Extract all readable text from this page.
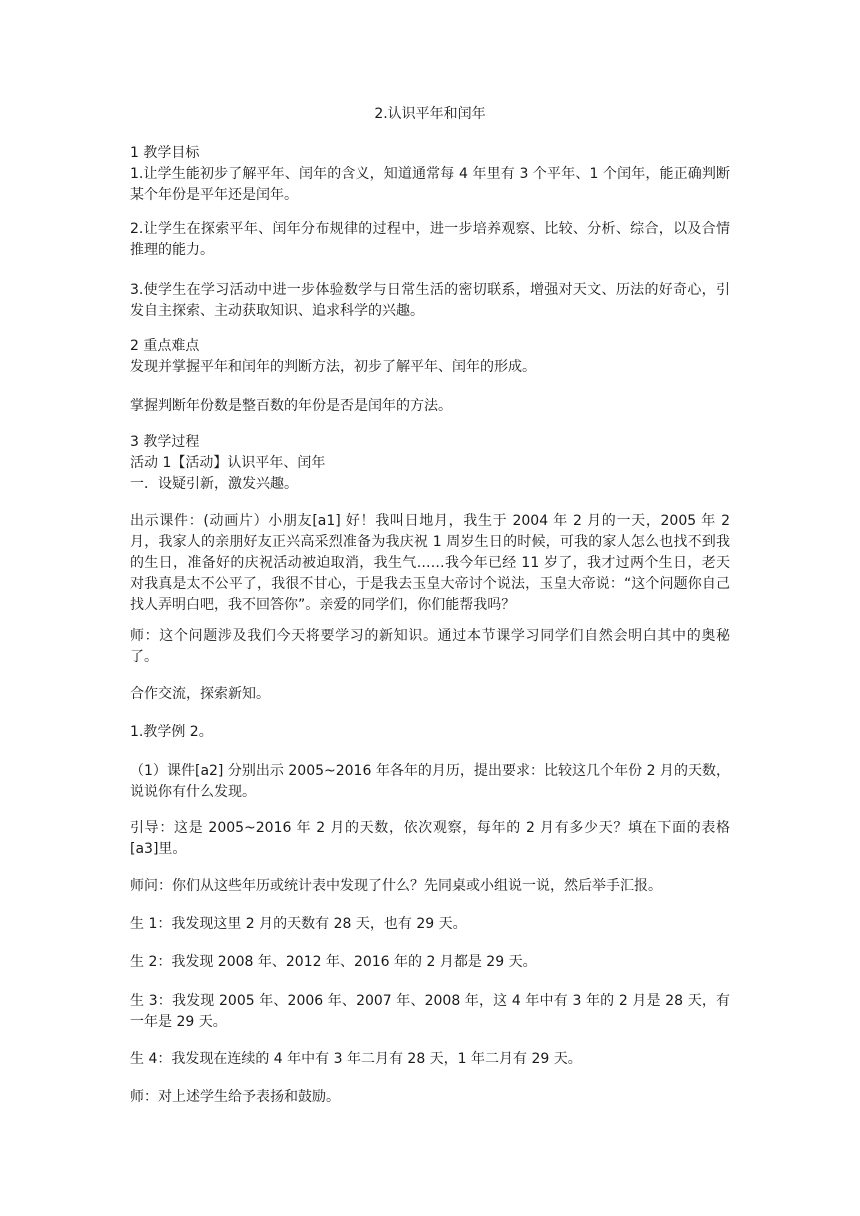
2.认识平年和闰年

1 教学目标

1.让学生能初步了解平年、闰年的含义，知道通常每 4 年里有 3 个平年、1 个闰年，能正确判断某个年份是平年还是闰年。

2.让学生在探索平年、闰年分布规律的过程中，进一步培养观察、比较、分析、综合，以及合情推理的能力。
3.使学生在学习活动中进一步体验数学与日常生活的密切联系，增强对天文、历法的好奇心，引发自主探索、主动获取知识、追求科学的兴趣。

2 重点难点

发现并掌握平年和闰年的判断方法，初步了解平年、闰年的形成。

掌握判断年份数是整百数的年份是否是闰年的方法。

3 教学过程

活动 1【活动】认识平年、闰年

一．设疑引新，激发兴趣。

出示课件：(动画片）小朋友[a1] 好！我叫日地月，我生于 2004 年 2 月的一天，2005 年 2 月，我家人的亲朋好友正兴高采烈准备为我庆祝 1 周岁生日的时候，可我的家人怎么也找不到我的生日，准备好的庆祝活动被迫取消，我生气……我今年已经 11 岁了，我才过两个生日，老天对我真是太不公平了，我很不甘心，于是我去玉皇大帝讨个说法，玉皇大帝说：“这个问题你自己找人弄明白吧，我不回答你”。亲爱的同学们，你们能帮我吗？
师：这个问题涉及我们今天将要学习的新知识。通过本节课学习同学们自然会明白其中的奥秘了。
合作交流，探索新知。
1.教学例 2。
（1）课件[a2] 分别出示 2005~2016 年各年的月历，提出要求：比较这几个年份 2 月的天数，说说你有什么发现。
引导：这是 2005~2016 年 2 月的天数，依次观察，每年的 2 月有多少天？填在下面的表格[a3]里。
师问：你们从这些年历或统计表中发现了什么？先同桌或小组说一说，然后举手汇报。
生 1：我发现这里 2 月的天数有 28 天，也有 29 天。
生 2：我发现 2008 年、2012 年、2016 年的 2 月都是 29 天。
生 3：我发现 2005 年、2006 年、2007 年、2008 年，这 4 年中有 3 年的 2 月是 28 天，有一年是 29 天。
生 4：我发现在连续的 4 年中有 3 年二月有 28 天，1 年二月有 29 天。
师：对上述学生给予表扬和鼓励。
